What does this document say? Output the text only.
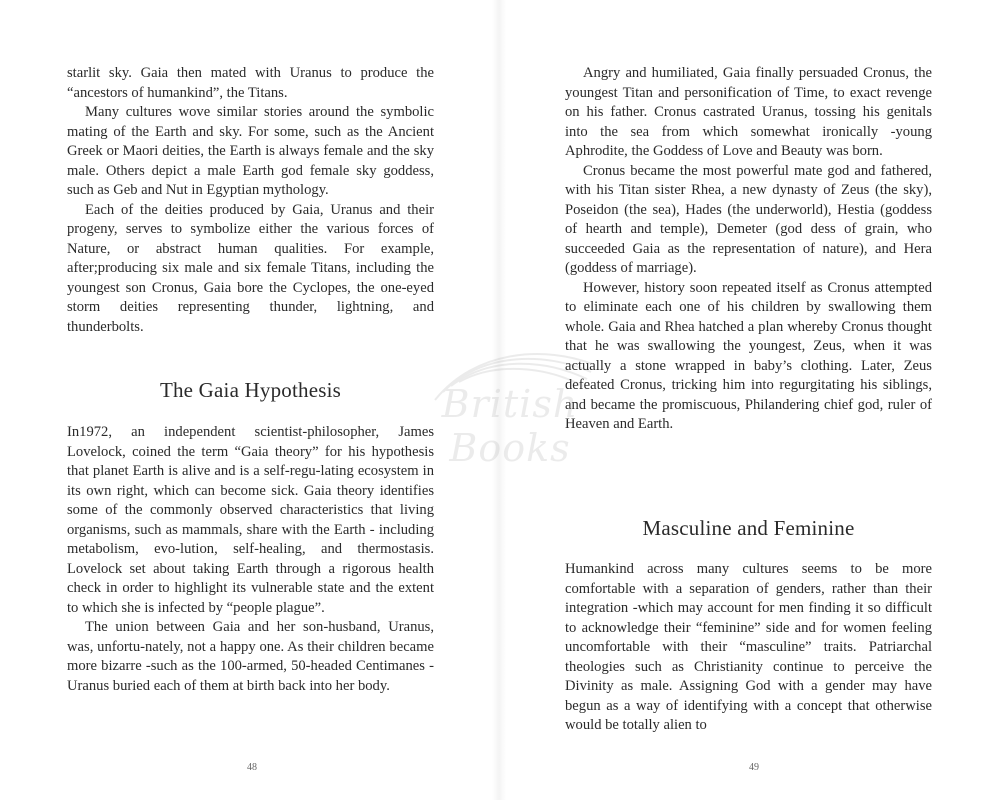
starlit sky. Gaia then mated with Uranus to produce the “ancestors of humankind”, the Titans.

Many cultures wove similar stories around the symbolic mating of the Earth and sky. For some, such as the Ancient Greek or Maori deities, the Earth is always female and the sky male. Others depict a male Earth god female sky goddess, such as Geb and Nut in Egyptian mythology.

Each of the deities produced by Gaia, Uranus and their progeny, serves to symbolize either the various forces of Nature, or abstract human qualities. For example, after;producing six male and six female Titans, including the youngest son Cronus, Gaia bore the Cyclopes, the one-eyed storm deities representing thunder, lightning, and thunderbolts.

The Gaia Hypothesis

In1972, an independent scientist-philosopher, James Lovelock, coined the term “Gaia theory” for his hypothesis that planet Earth is alive and is a self-regu-lating ecosystem in its own right, which can become sick. Gaia theory identifies some of the commonly observed characteristics that living organisms, such as mammals, share with the Earth - including metabolism, evo-lution, self-healing, and thermostasis. Lovelock set about taking Earth through a rigorous health check in order to highlight its vulnerable state and the extent to which she is infected by “people plague”.

The union between Gaia and her son-husband, Uranus, was, unfortu-nately, not a happy one. As their children became more bizarre -such as the 100-armed, 50-headed Centimanes -Uranus buried each of them at birth back into her body.

48

Angry and humiliated, Gaia finally persuaded Cronus, the youngest Titan and personification of Time, to exact revenge on his father. Cronus castrated Uranus, tossing his genitals into the sea from which somewhat ironically -young Aphrodite, the Goddess of Love and Beauty was born.

Cronus became the most powerful mate god and fathered, with his Titan sister Rhea, a new dynasty of Zeus (the sky), Poseidon (the sea), Hades (the underworld), Hestia (goddess of hearth and temple), Demeter (god dess of grain, who succeeded Gaia as the representation of nature), and Hera (goddess of marriage).

However, history soon repeated itself as Cronus attempted to eliminate each one of his children by swallowing them whole. Gaia and Rhea hatched a plan whereby Cronus thought that he was swallowing the youngest, Zeus, when it was actually a stone wrapped in baby’s clothing. Later, Zeus defeated Cronus, tricking him into regurgitating his siblings, and became the promiscuous, Philandering chief god, ruler of Heaven and Earth.

Masculine and Feminine

Humankind across many cultures seems to be more comfortable with a separation of genders, rather than their integration -which may account for men finding it so difficult to acknowledge their “feminine” side and for women feeling uncomfortable with their “masculine” traits. Patriarchal theologies such as Christianity continue to perceive the Divinity as male. Assigning God with a gender may have begun as a way of identifying with a concept that otherwise would be totally alien to

49
British Books
